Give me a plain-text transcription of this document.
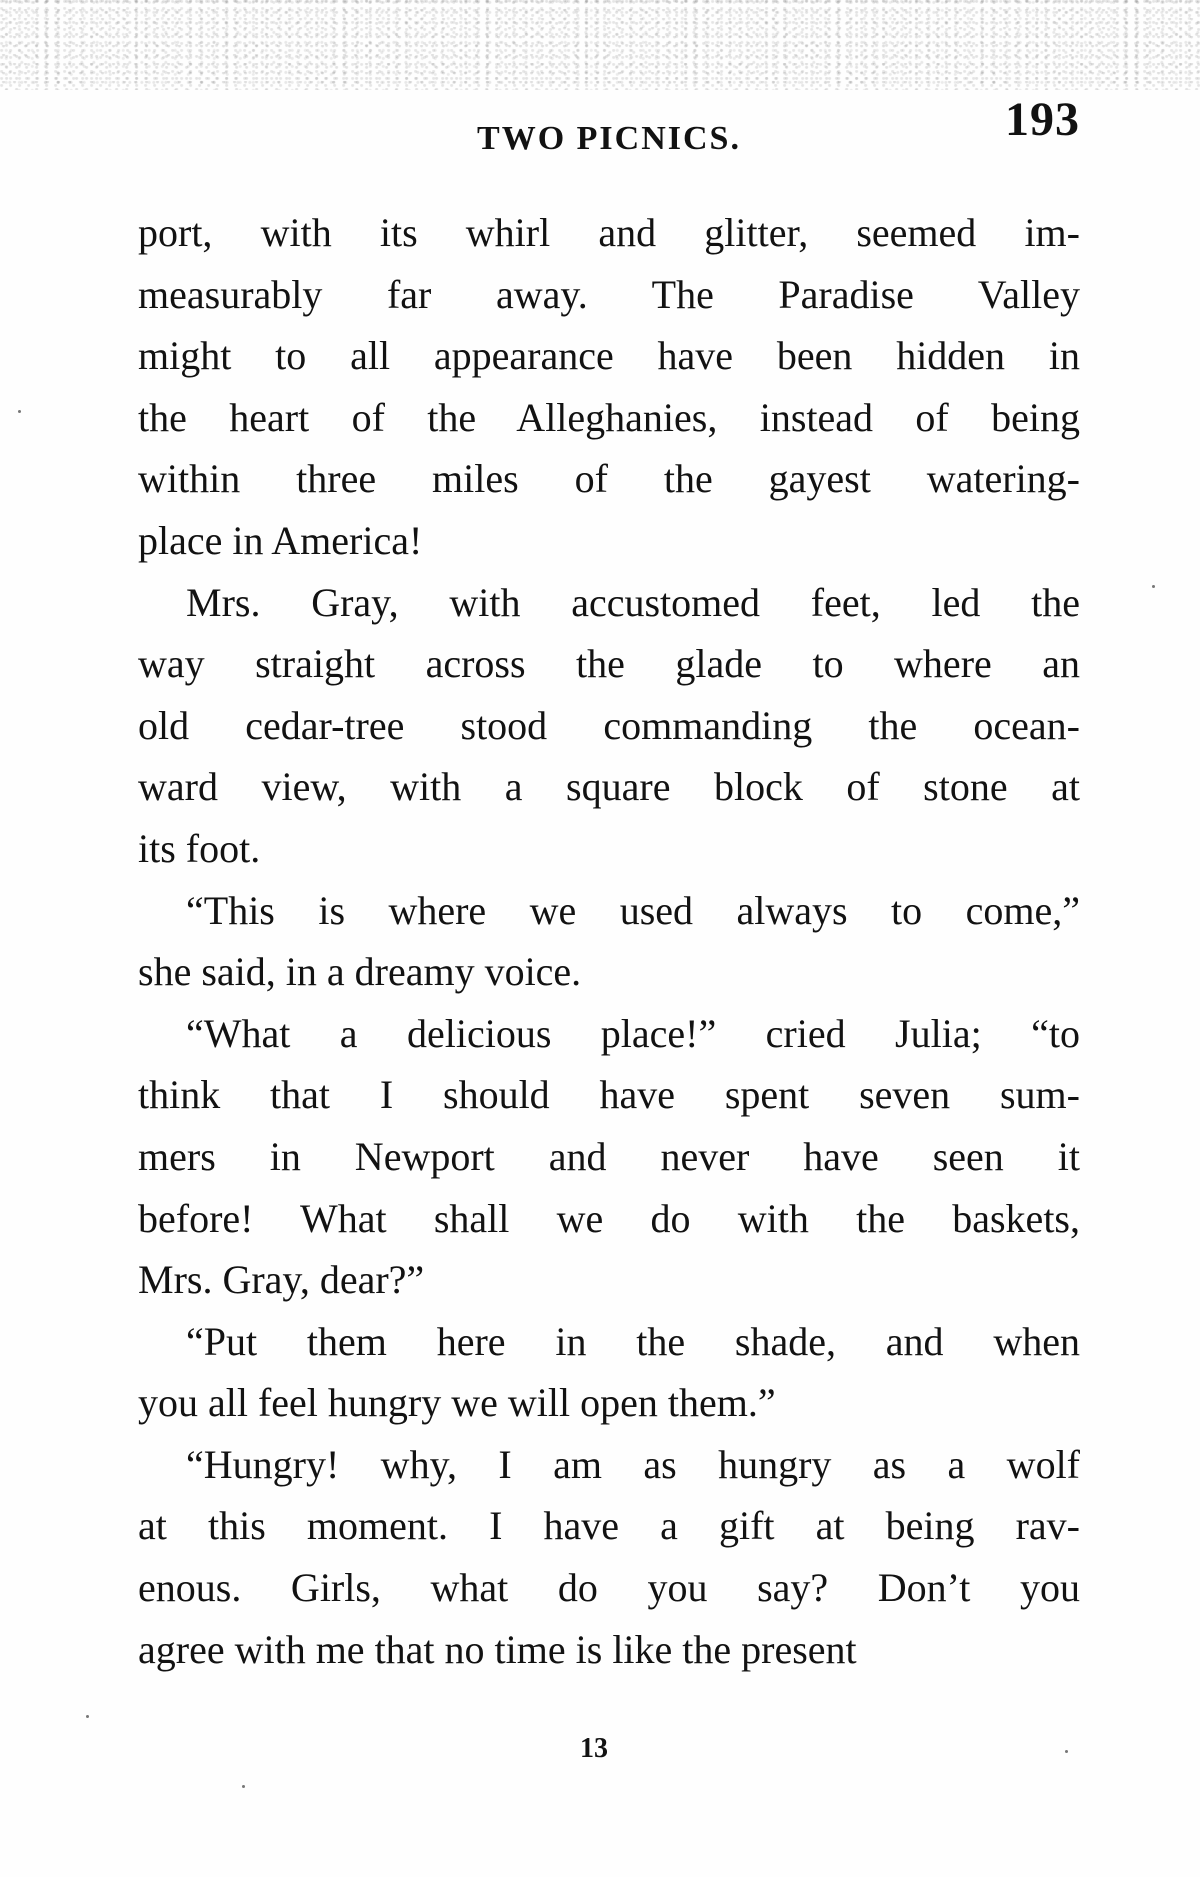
TWO PICNICS.	193

port, with its whirl and glitter, seemed im-
measurably far away. The Paradise Valley
might to all appearance have been hidden in
the heart of the Alleghanies, instead of being
within three miles of the gayest watering-
place in America!

Mrs. Gray, with accustomed feet, led the
way straight across the glade to where an
old cedar-tree stood commanding the ocean-
ward view, with a square block of stone at
its foot.

“This is where we used always to come,”
she said, in a dreamy voice.

“What a delicious place!” cried Julia; “to
think that I should have spent seven sum-
mers in Newport and never have seen it
before! What shall we do with the baskets,
Mrs. Gray, dear?”

“Put them here in the shade, and when
you all feel hungry we will open them.”

“Hungry! why, I am as hungry as a wolf
at this moment. I have a gift at being rav-
enous. Girls, what do you say? Don’t you
agree with me that no time is like the present

13
